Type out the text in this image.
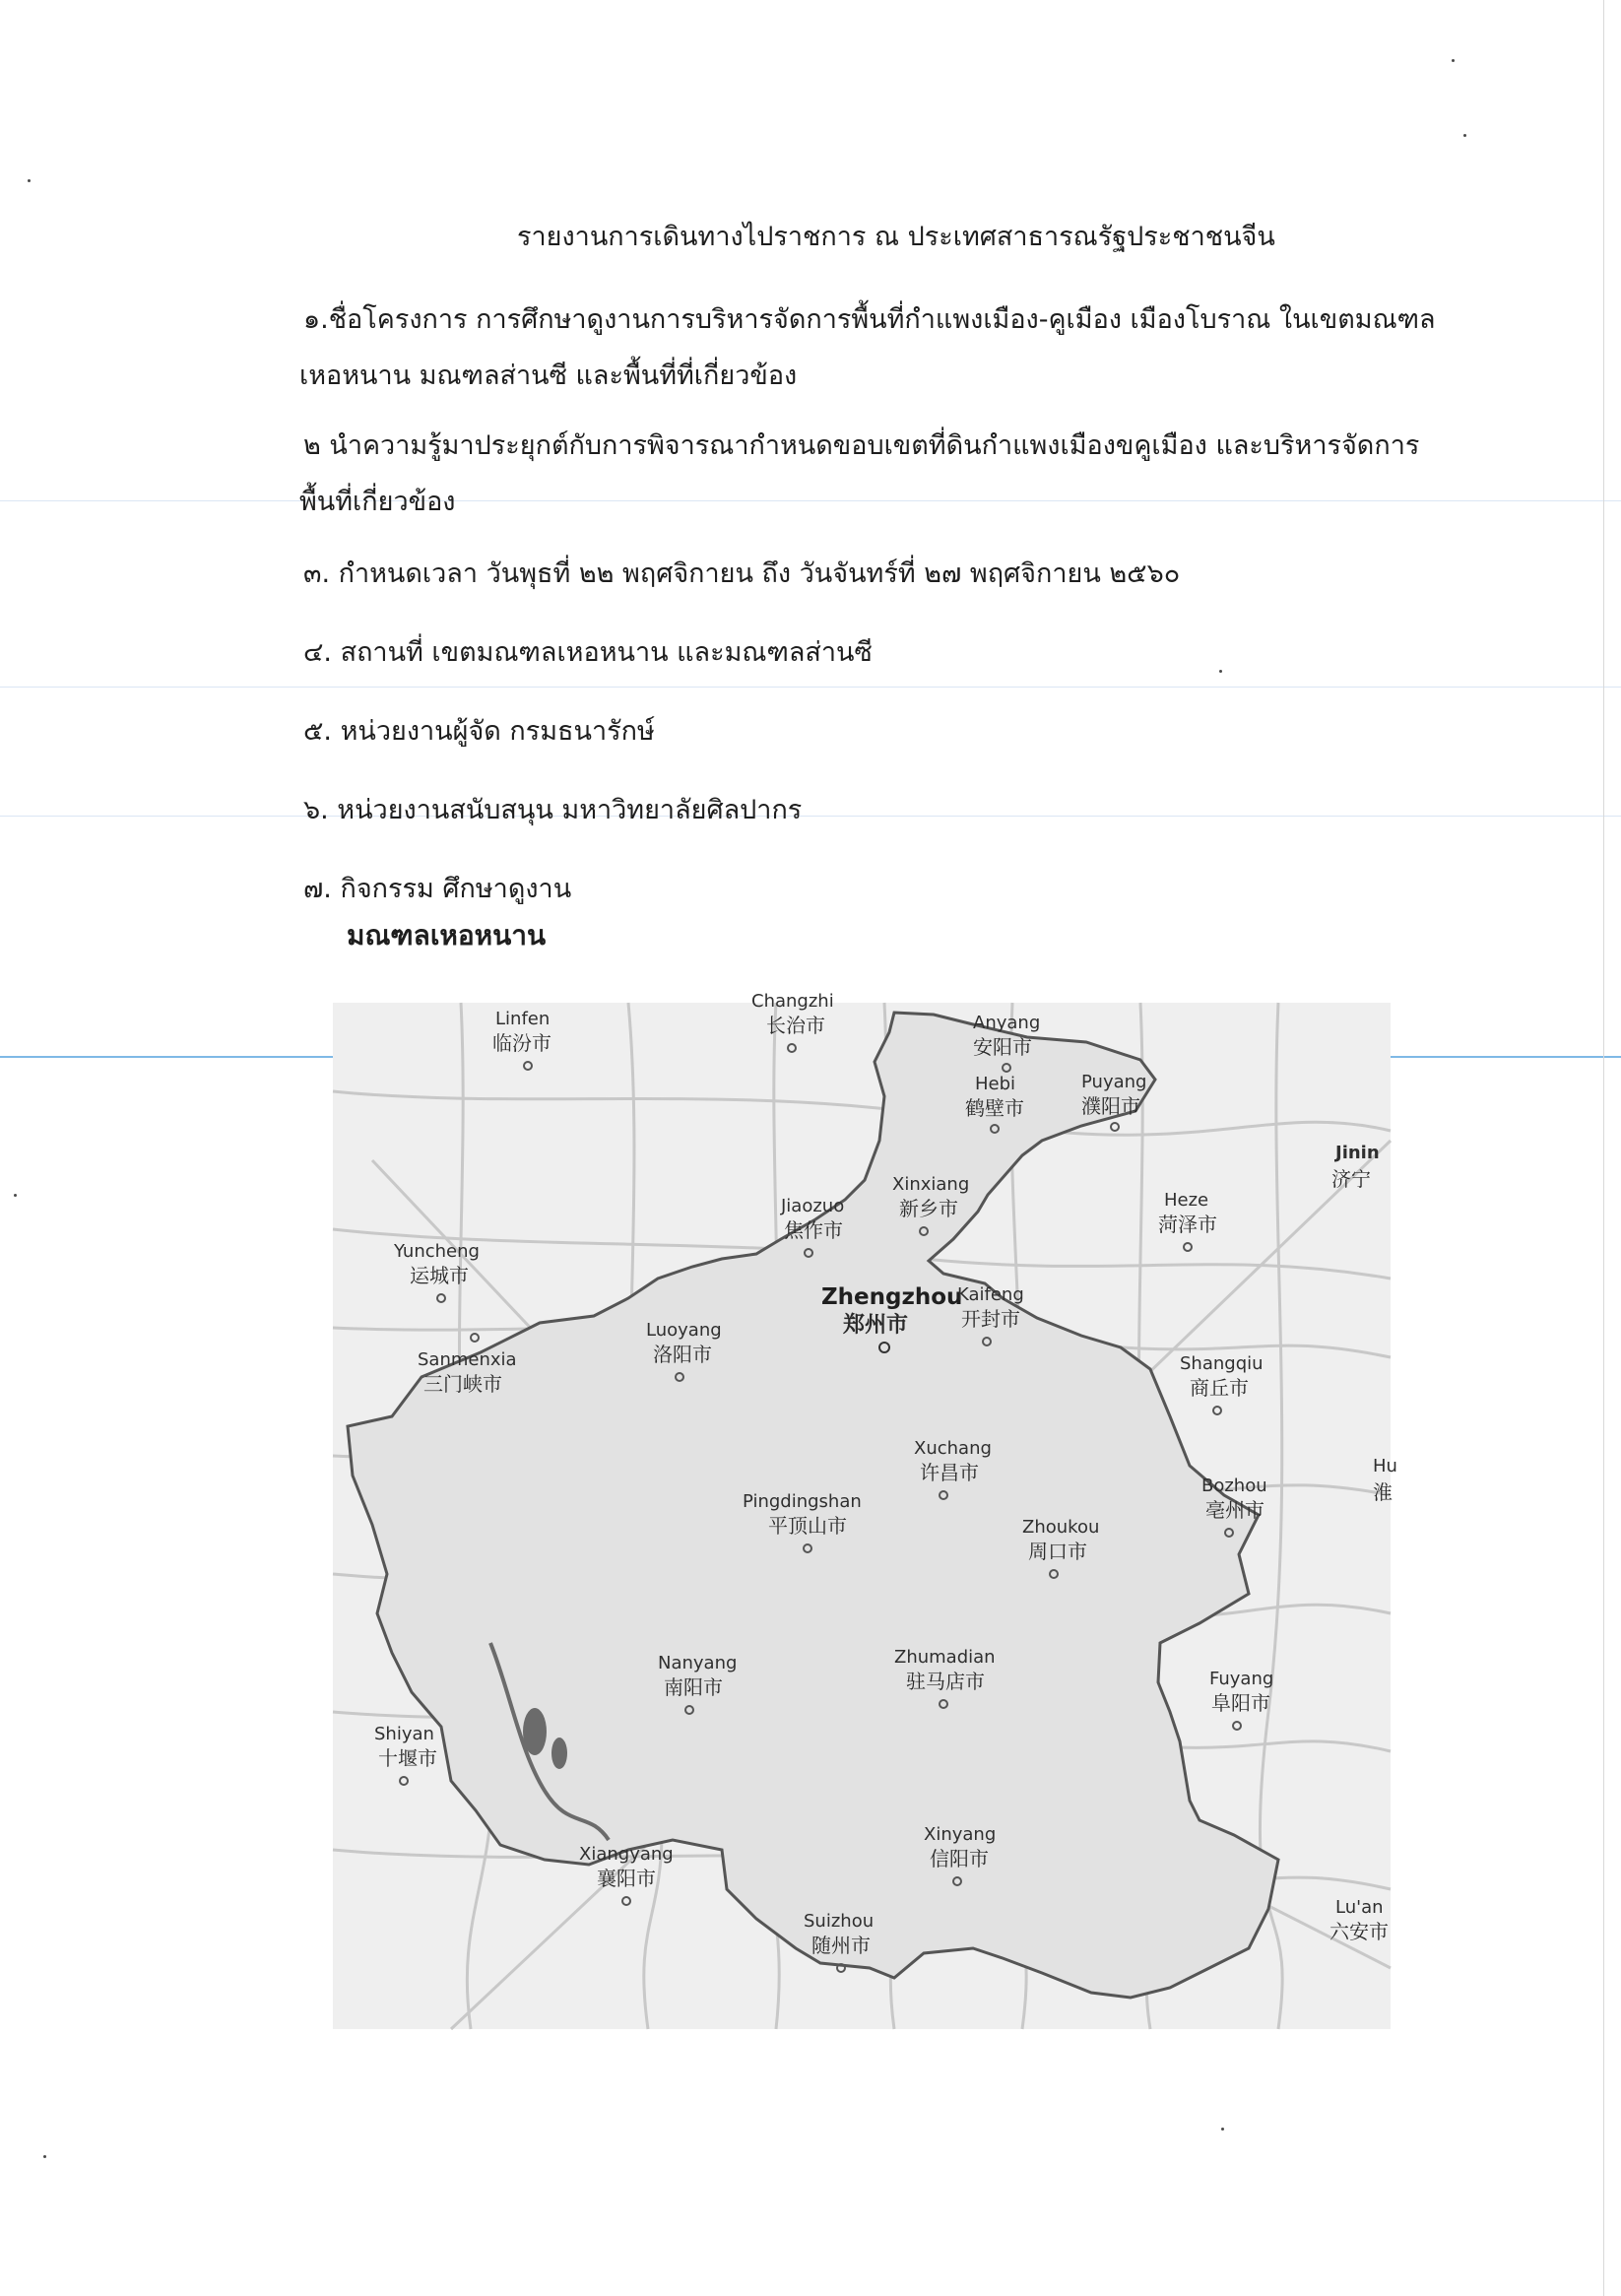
รายงานการเดินทางไปราชการ ณ ประเทศสาธารณรัฐประชาชนจีน
๑.ชื่อโครงการ การศึกษาดูงานการบริหารจัดการพื้นที่กำแพงเมือง-คูเมือง เมืองโบราณ ในเขตมณฑล
เหอหนาน มณฑลส่านซี และพื้นที่ที่เกี่ยวข้อง
๒ นำความรู้มาประยุกต์กับการพิจารณากำหนดขอบเขตที่ดินกำแพงเมืองขคูเมือง และบริหารจัดการ
พื้นที่เกี่ยวข้อง
๓. กำหนดเวลา วันพุธที่ ๒๒ พฤศจิกายน ถึง วันจันทร์ที่ ๒๗ พฤศจิกายน ๒๕๖๐
๔. สถานที่ เขตมณฑลเหอหนาน และมณฑลส่านซี
๕. หน่วยงานผู้จัด กรมธนารักษ์
๖. หน่วยงานสนับสนุน มหาวิทยาลัยศิลปากร
๗. กิจกรรม ศึกษาดูงาน
มณฑลเหอหนาน
Linfen
临汾市
Changzhi
长治市	Anyang
安阳市
Hebi
鹤壁市
Puyang
濮阳市
Jinin
济宁
Xinxiang
新乡市
Jiaozuo
焦作市
Heze
菏泽市
Yuncheng
运城市
Zhengzhou
郑州市
Kaifeng
开封市
Luoyang
洛阳市
Sanmenxia
三门峡市
Shangqiu
商丘市
Xuchang
许昌市	Hu
淮
Pingdingshan
平顶山市
Bozhou
亳州市
Zhoukou
周口市
Nanyang
南阳市
Zhumadian
驻马店市	Fuyang
阜阳市
Shiyan
十堰市
Xinyang
信阳市
Xiangyang
襄阳市
Lu'an
六安市
Suizhou
随州市
